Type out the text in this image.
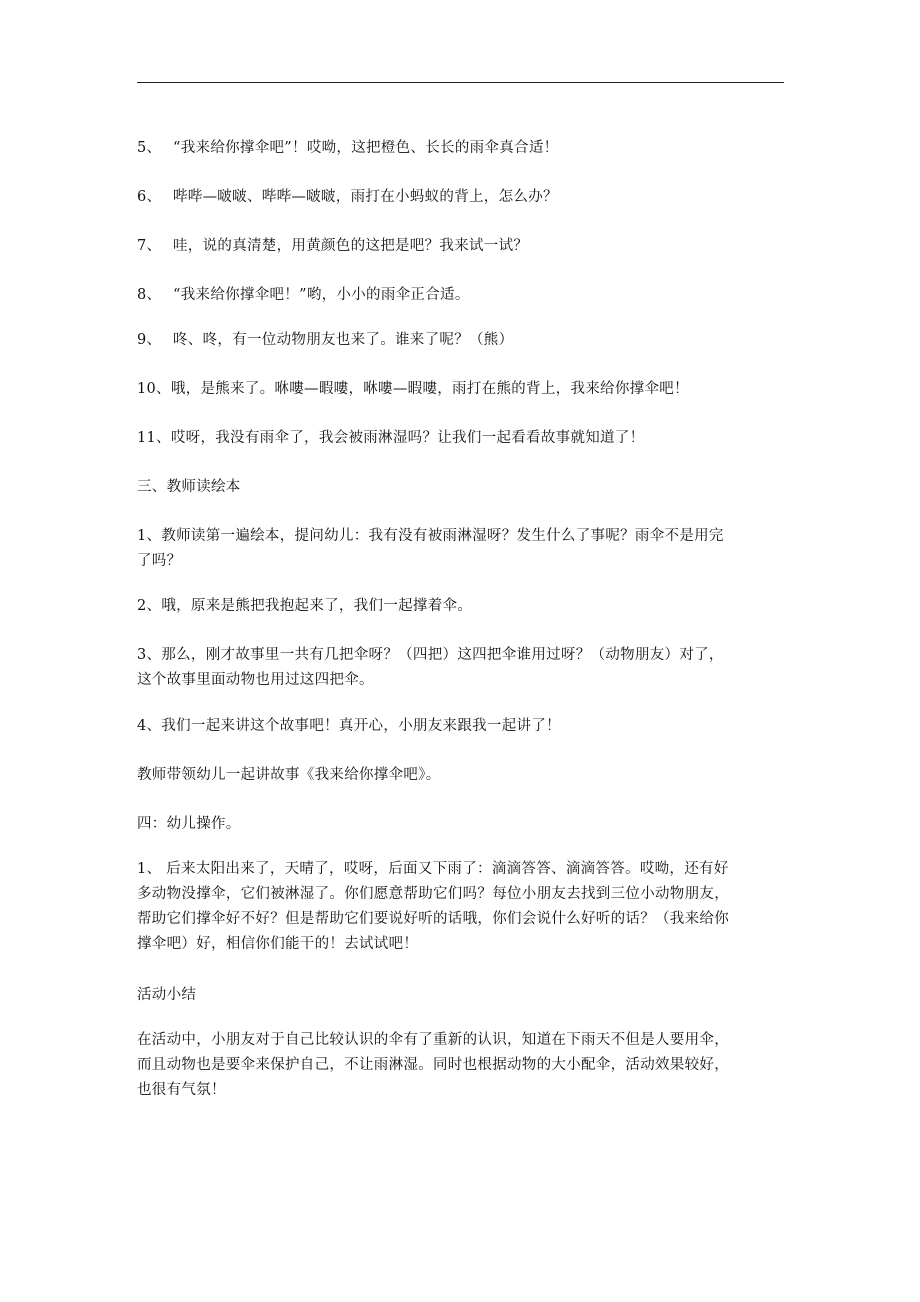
5、 “我来给你撑伞吧”！哎呦，这把橙色、长长的雨伞真合适！
6、 哔哔—啵啵、哔哔—啵啵，雨打在小蚂蚁的背上，怎么办？
7、 哇，说的真清楚，用黄颜色的这把是吧？我来试一试？
8、 “我来给你撑伞吧！”哟，小小的雨伞正合适。
9、 咚、咚，有一位动物朋友也来了。谁来了呢？（熊）
10、哦，是熊来了。咻嘍—暇嘍，咻嘍—暇嘍，雨打在熊的背上，我来给你撑伞吧！
11、哎呀，我没有雨伞了，我会被雨淋湿吗？让我们一起看看故事就知道了！
三、教师读绘本
1、教师读第一遍绘本，提问幼儿：我有没有被雨淋湿呀？发生什么了事呢？雨伞不是用完
了吗？
2、哦，原来是熊把我抱起来了，我们一起撑着伞。
3、那么，刚才故事里一共有几把伞呀？（四把）这四把伞谁用过呀？（动物朋友）对了，
这个故事里面动物也用过这四把伞。
4、我们一起来讲这个故事吧！真开心，小朋友来跟我一起讲了！
教师带领幼儿一起讲故事《我来给你撑伞吧》。
四：幼儿操作。
1、 后来太阳出来了，天晴了，哎呀，后面又下雨了：滴滴答答、滴滴答答。哎呦，还有好
多动物没撑伞，它们被淋湿了。你们愿意帮助它们吗？每位小朋友去找到三位小动物朋友，
帮助它们撑伞好不好？但是帮助它们要说好听的话哦，你们会说什么好听的话？（我来给你
撑伞吧）好，相信你们能干的！去试试吧！
活动小结
在活动中，小朋友对于自己比较认识的伞有了重新的认识，知道在下雨天不但是人要用伞，
而且动物也是要伞来保护自己，不让雨淋湿。同时也根据动物的大小配伞，活动效果较好，
也很有气氛！
